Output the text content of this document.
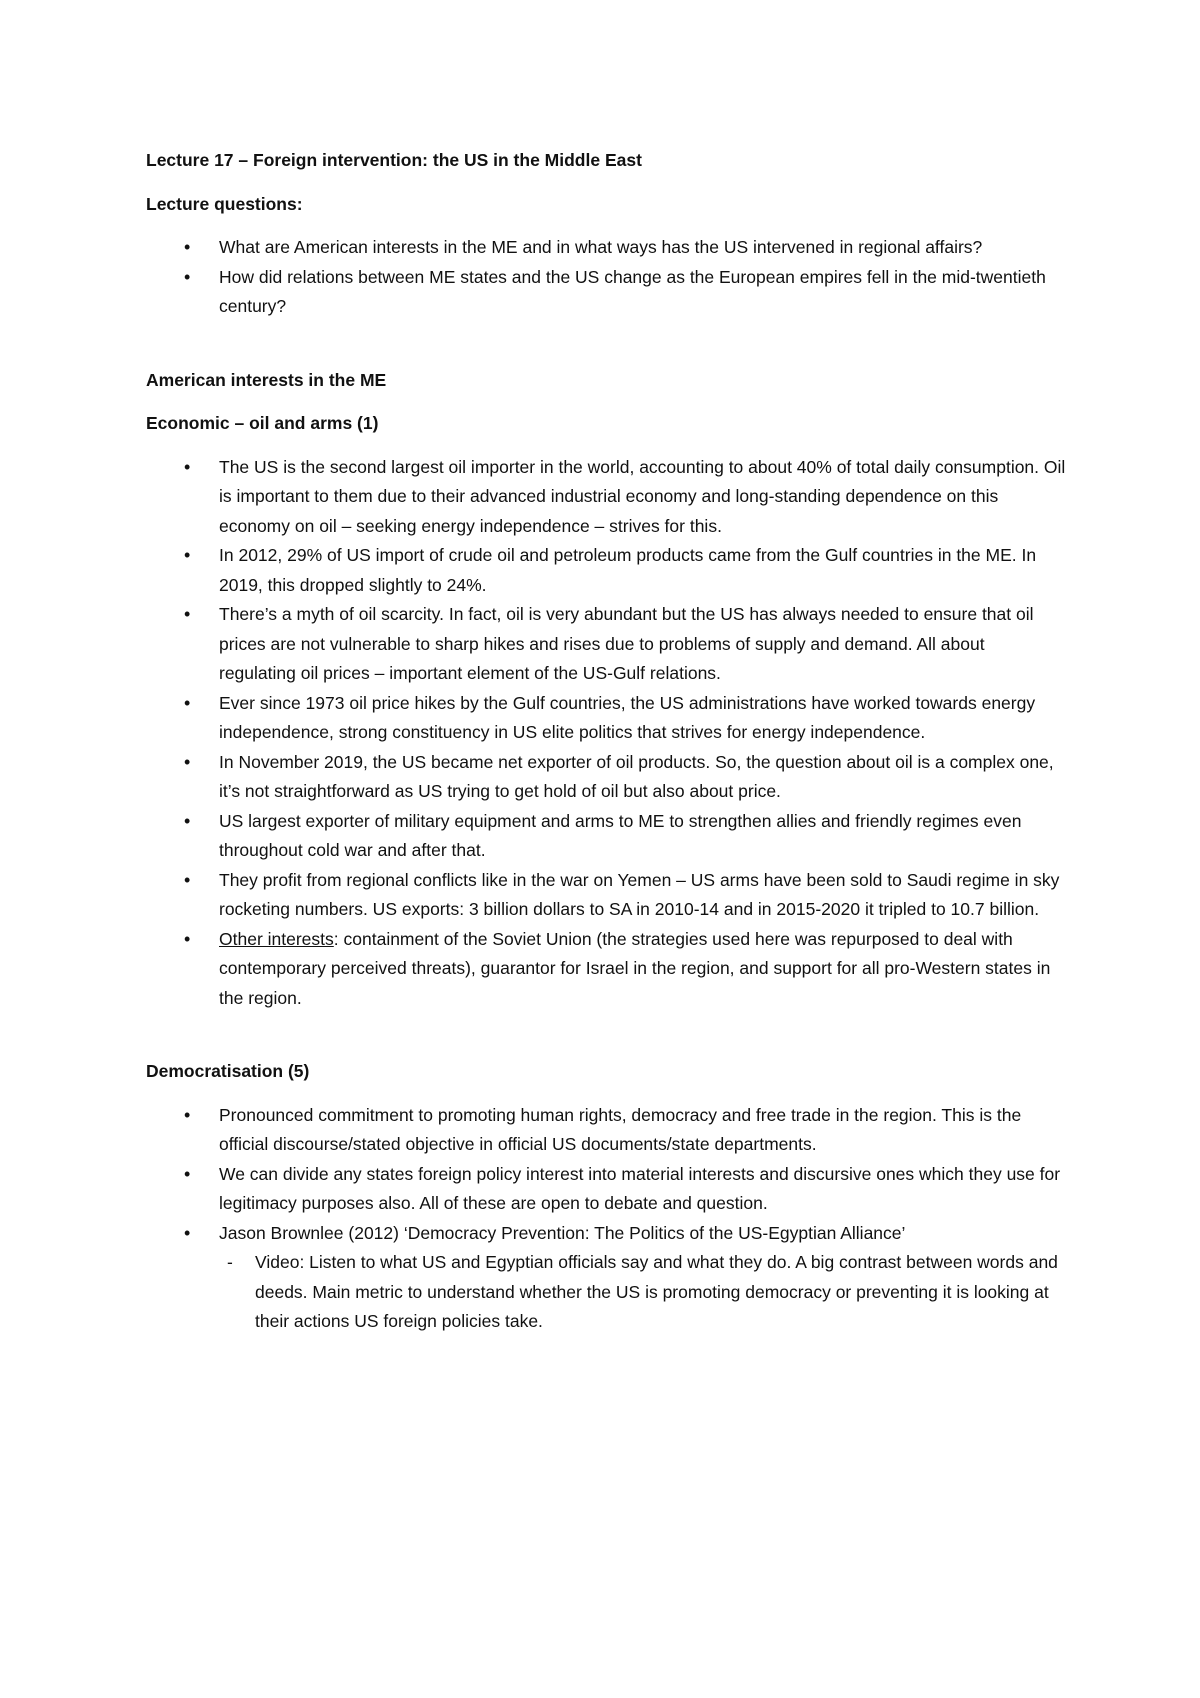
Lecture 17 – Foreign intervention: the US in the Middle East

Lecture questions:

• What are American interests in the ME and in what ways has the US intervened in regional affairs?
• How did relations between ME states and the US change as the European empires fell in the mid-twentieth century?

American interests in the ME

Economic – oil and arms (1)

• The US is the second largest oil importer in the world, accounting to about 40% of total daily consumption. Oil is important to them due to their advanced industrial economy and long-standing dependence on this economy on oil – seeking energy independence – strives for this.
• In 2012, 29% of US import of crude oil and petroleum products came from the Gulf countries in the ME. In 2019, this dropped slightly to 24%.
• There’s a myth of oil scarcity. In fact, oil is very abundant but the US has always needed to ensure that oil prices are not vulnerable to sharp hikes and rises due to problems of supply and demand. All about regulating oil prices – important element of the US-Gulf relations.
• Ever since 1973 oil price hikes by the Gulf countries, the US administrations have worked towards energy independence, strong constituency in US elite politics that strives for energy independence.
• In November 2019, the US became net exporter of oil products. So, the question about oil is a complex one, it’s not straightforward as US trying to get hold of oil but also about price.
• US largest exporter of military equipment and arms to ME to strengthen allies and friendly regimes even throughout cold war and after that.
• They profit from regional conflicts like in the war on Yemen – US arms have been sold to Saudi regime in sky rocketing numbers. US exports: 3 billion dollars to SA in 2010-14 and in 2015-2020 it tripled to 10.7 billion.
• Other interests: containment of the Soviet Union (the strategies used here was repurposed to deal with contemporary perceived threats), guarantor for Israel in the region, and support for all pro-Western states in the region.

Democratisation (5)

• Pronounced commitment to promoting human rights, democracy and free trade in the region. This is the official discourse/stated objective in official US documents/state departments.
• We can divide any states foreign policy interest into material interests and discursive ones which they use for legitimacy purposes also. All of these are open to debate and question.
• Jason Brownlee (2012) ‘Democracy Prevention: The Politics of the US-Egyptian Alliance’
- Video: Listen to what US and Egyptian officials say and what they do. A big contrast between words and deeds. Main metric to understand whether the US is promoting democracy or preventing it is looking at their actions US foreign policies take.
